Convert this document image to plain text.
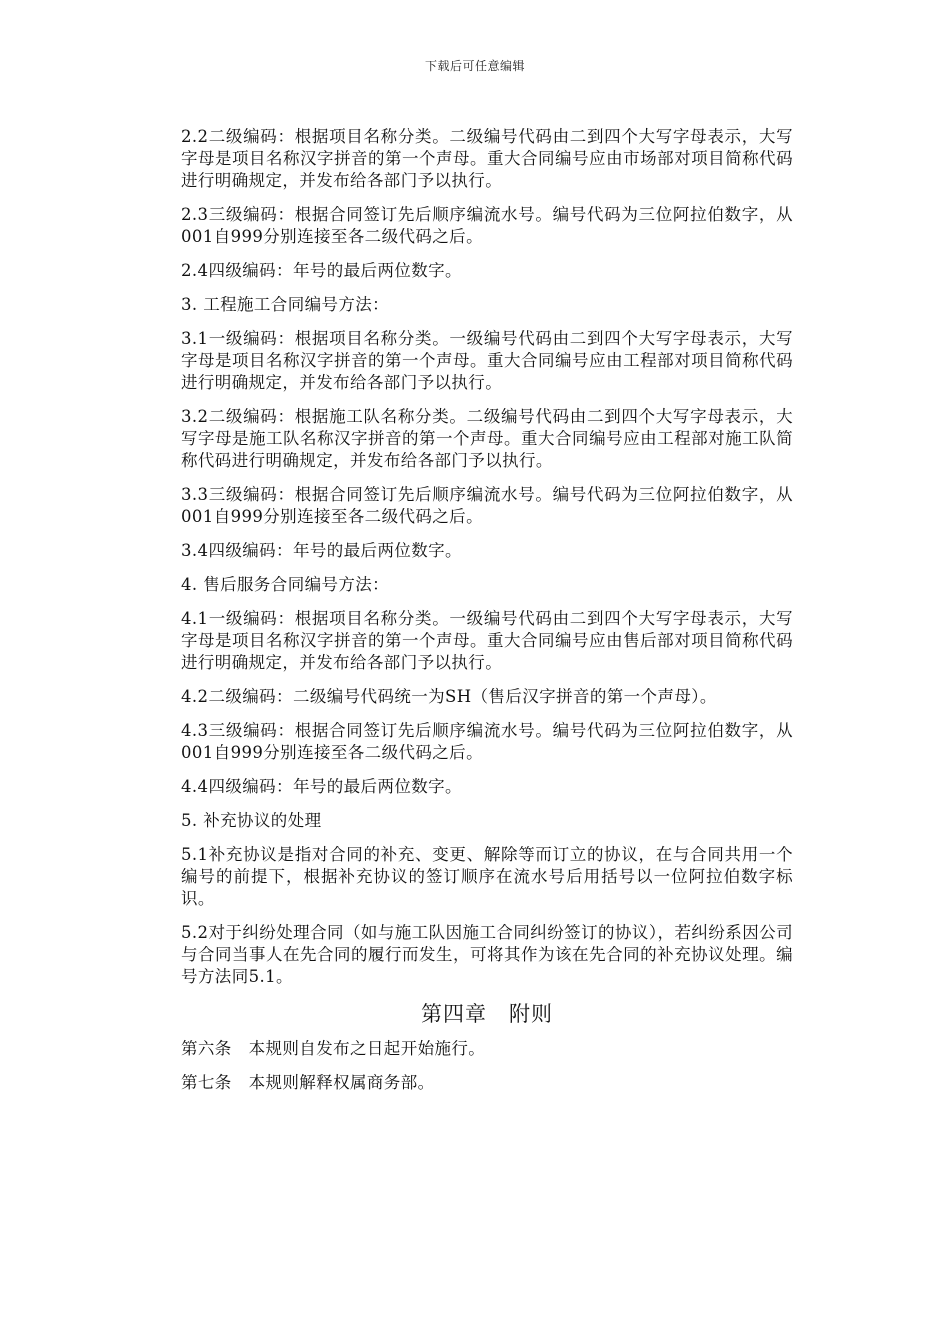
下载后可任意编辑

2.2二级编码：根据项目名称分类。二级编号代码由二到四个大写字母表示，大写字母是项目名称汉字拼音的第一个声母。重大合同编号应由市场部对项目简称代码进行明确规定，并发布给各部门予以执行。

2.3三级编码：根据合同签订先后顺序编流水号。编号代码为三位阿拉伯数字，从001自999分别连接至各二级代码之后。

2.4四级编码：年号的最后两位数字。

3. 工程施工合同编号方法：

3.1一级编码：根据项目名称分类。一级编号代码由二到四个大写字母表示，大写字母是项目名称汉字拼音的第一个声母。重大合同编号应由工程部对项目简称代码进行明确规定，并发布给各部门予以执行。

3.2二级编码：根据施工队名称分类。二级编号代码由二到四个大写字母表示，大写字母是施工队名称汉字拼音的第一个声母。重大合同编号应由工程部对施工队简称代码进行明确规定，并发布给各部门予以执行。

3.3三级编码：根据合同签订先后顺序编流水号。编号代码为三位阿拉伯数字，从001自999分别连接至各二级代码之后。

3.4四级编码：年号的最后两位数字。

4. 售后服务合同编号方法：

4.1一级编码：根据项目名称分类。一级编号代码由二到四个大写字母表示，大写字母是项目名称汉字拼音的第一个声母。重大合同编号应由售后部对项目简称代码进行明确规定，并发布给各部门予以执行。

4.2二级编码：二级编号代码统一为SH（售后汉字拼音的第一个声母）。

4.3三级编码：根据合同签订先后顺序编流水号。编号代码为三位阿拉伯数字，从001自999分别连接至各二级代码之后。

4.4四级编码：年号的最后两位数字。

5. 补充协议的处理

5.1补充协议是指对合同的补充、变更、解除等而订立的协议，在与合同共用一个编号的前提下，根据补充协议的签订顺序在流水号后用括号以一位阿拉伯数字标识。

5.2对于纠纷处理合同（如与施工队因施工合同纠纷签订的协议），若纠纷系因公司与合同当事人在先合同的履行而发生，可将其作为该在先合同的补充协议处理。编号方法同5.1。

第四章　附则

第六条　本规则自发布之日起开始施行。

第七条　本规则解释权属商务部。
